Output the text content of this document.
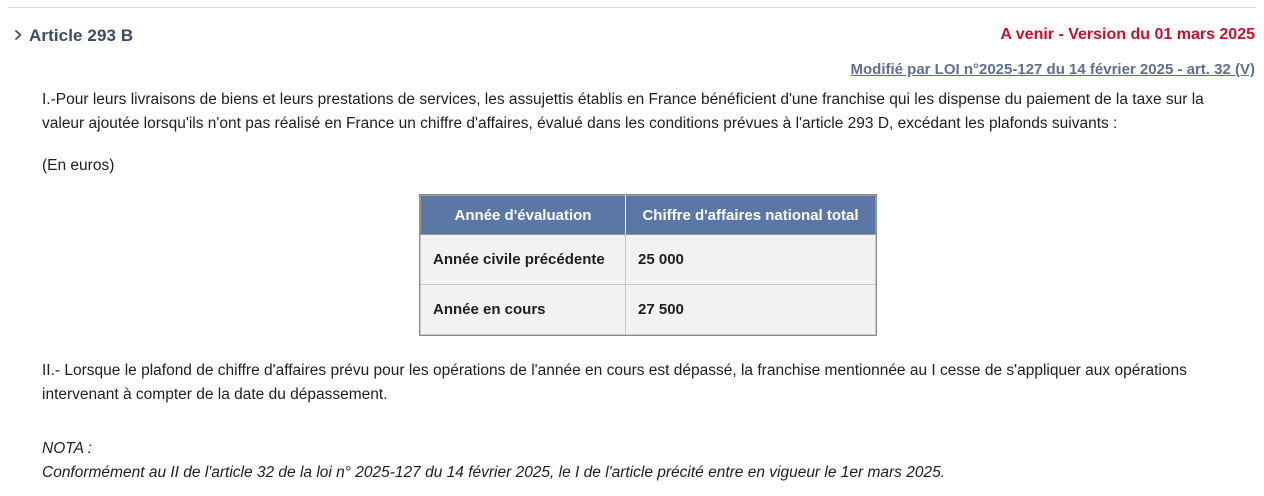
Article 293 B	A venir - Version du 01 mars 2025
Modifié par LOI n°2025-127 du 14 février 2025 - art. 32 (V)

I.-Pour leurs livraisons de biens et leurs prestations de services, les assujettis établis en France bénéficient d'une franchise qui les dispense du paiement de la taxe sur la valeur ajoutée lorsqu'ils n'ont pas réalisé en France un chiffre d'affaires, évalué dans les conditions prévues à l'article 293 D, excédant les plafonds suivants :

(En euros)

Année d'évaluation	Chiffre d'affaires national total
Année civile précédente	25 000
Année en cours	27 500

II.- Lorsque le plafond de chiffre d'affaires prévu pour les opérations de l'année en cours est dépassé, la franchise mentionnée au I cesse de s'appliquer aux opérations intervenant à compter de la date du dépassement.

NOTA :

Conformément au II de l'article 32 de la loi n° 2025-127 du 14 février 2025, le I de l'article précité entre en vigueur le 1er mars 2025.
